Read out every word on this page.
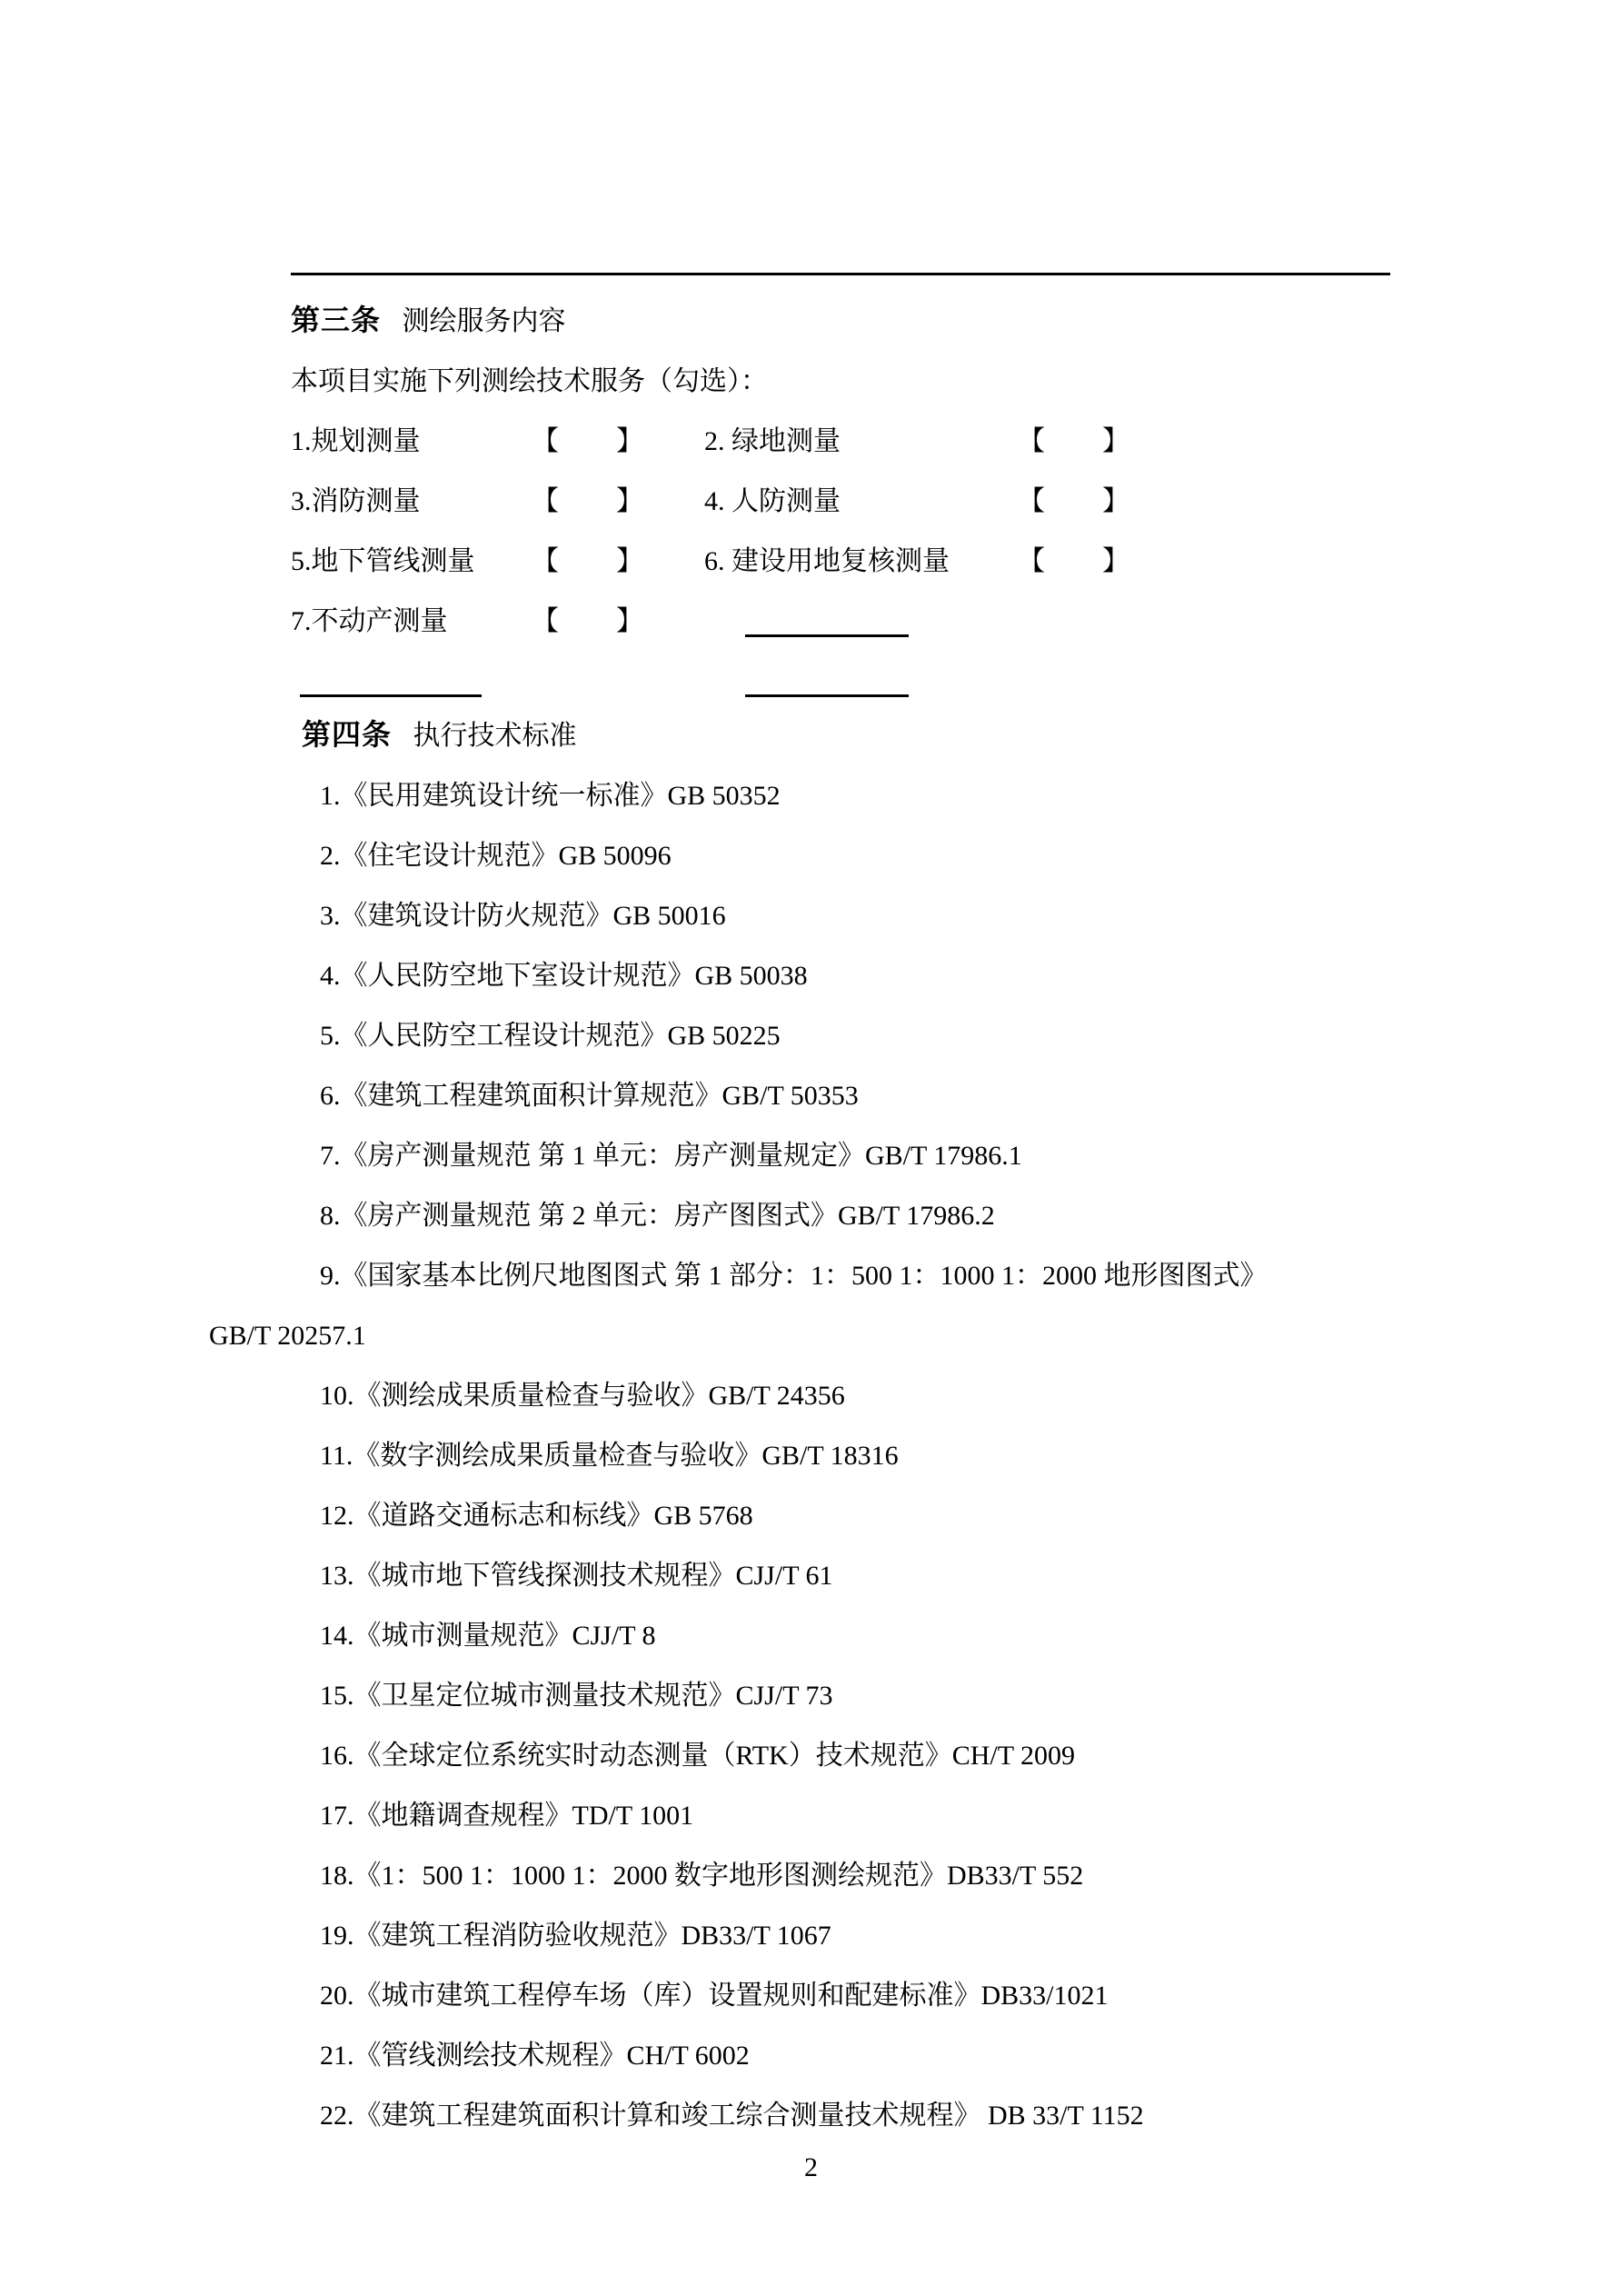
第三条 测绘服务内容

本项目实施下列测绘技术服务（勾选）：

1.规划测量	【　　】	2. 绿地测量	【　　】
3.消防测量	【　　】	4. 人防测量	【　　】
5.地下管线测量	【　　】	6. 建设用地复核测量	【　　】
7.不动产测量	【　　】

第四条 执行技术标准

1.《民用建筑设计统一标准》GB 50352

2.《住宅设计规范》GB 50096

3.《建筑设计防火规范》GB 50016

4.《人民防空地下室设计规范》GB 50038

5.《人民防空工程设计规范》GB 50225

6.《建筑工程建筑面积计算规范》GB/T 50353

7.《房产测量规范 第 1 单元：房产测量规定》GB/T 17986.1

8.《房产测量规范 第 2 单元：房产图图式》GB/T 17986.2

9.《国家基本比例尺地图图式 第 1 部分：1：500 1：1000 1：2000 地形图图式》

GB/T 20257.1

10.《测绘成果质量检查与验收》GB/T 24356

11.《数字测绘成果质量检查与验收》GB/T 18316

12.《道路交通标志和标线》GB 5768

13.《城市地下管线探测技术规程》CJJ/T 61

14.《城市测量规范》CJJ/T 8

15.《卫星定位城市测量技术规范》CJJ/T 73

16.《全球定位系统实时动态测量（RTK）技术规范》CH/T 2009

17.《地籍调查规程》TD/T 1001

18.《1：500 1：1000 1：2000 数字地形图测绘规范》DB33/T 552

19.《建筑工程消防验收规范》DB33/T 1067

20.《城市建筑工程停车场（库）设置规则和配建标准》DB33/1021

21.《管线测绘技术规程》CH/T 6002

22.《建筑工程建筑面积计算和竣工综合测量技术规程》 DB 33/T 1152

2
